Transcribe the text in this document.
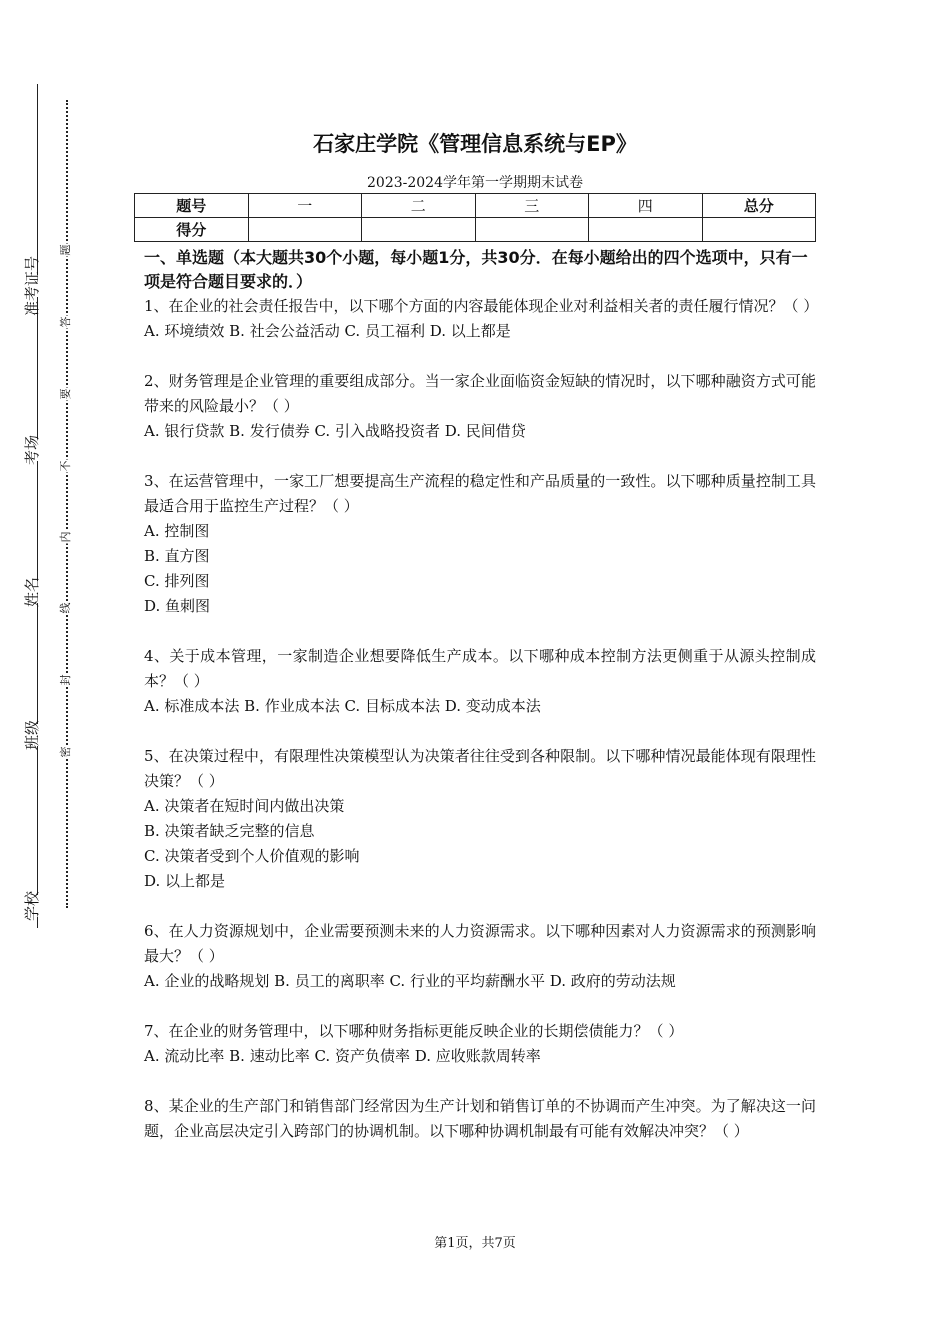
准考证号
考场
姓名
班级
学校
题
答
要
不
内
线
封
密
石家庄学院《管理信息系统与EP》
2023-2024学年第一学期期末试卷
题号	一	二	三	四	总分
得分					
一、单选题（本大题共30个小题，每小题1分，共30分．在每小题给出的四个选项中，只有一项是符合题目要求的．）

1、在企业的社会责任报告中，以下哪个方面的内容最能体现企业对利益相关者的责任履行情况？（ ）

A. 环境绩效 B. 社会公益活动 C. 员工福利 D. 以上都是

2、财务管理是企业管理的重要组成部分。当一家企业面临资金短缺的情况时，以下哪种融资方式可能带来的风险最小？（ ）

A. 银行贷款 B. 发行债券 C. 引入战略投资者 D. 民间借贷

3、在运营管理中，一家工厂想要提高生产流程的稳定性和产品质量的一致性。以下哪种质量控制工具最适合用于监控生产过程？（ ）

A. 控制图

B. 直方图

C. 排列图

D. 鱼刺图

4、关于成本管理，一家制造企业想要降低生产成本。以下哪种成本控制方法更侧重于从源头控制成本？（ ）

A. 标准成本法 B. 作业成本法 C. 目标成本法 D. 变动成本法

5、在决策过程中，有限理性决策模型认为决策者往往受到各种限制。以下哪种情况最能体现有限理性决策？（ ）

A. 决策者在短时间内做出决策

B. 决策者缺乏完整的信息

C. 决策者受到个人价值观的影响

D. 以上都是

6、在人力资源规划中，企业需要预测未来的人力资源需求。以下哪种因素对人力资源需求的预测影响最大？（ ）

A. 企业的战略规划 B. 员工的离职率 C. 行业的平均薪酬水平 D. 政府的劳动法规

7、在企业的财务管理中，以下哪种财务指标更能反映企业的长期偿债能力？（ ）

A. 流动比率 B. 速动比率 C. 资产负债率 D. 应收账款周转率

8、某企业的生产部门和销售部门经常因为生产计划和销售订单的不协调而产生冲突。为了解决这一问题，企业高层决定引入跨部门的协调机制。以下哪种协调机制最有可能有效解决冲突？（ ）

第1页，共7页
